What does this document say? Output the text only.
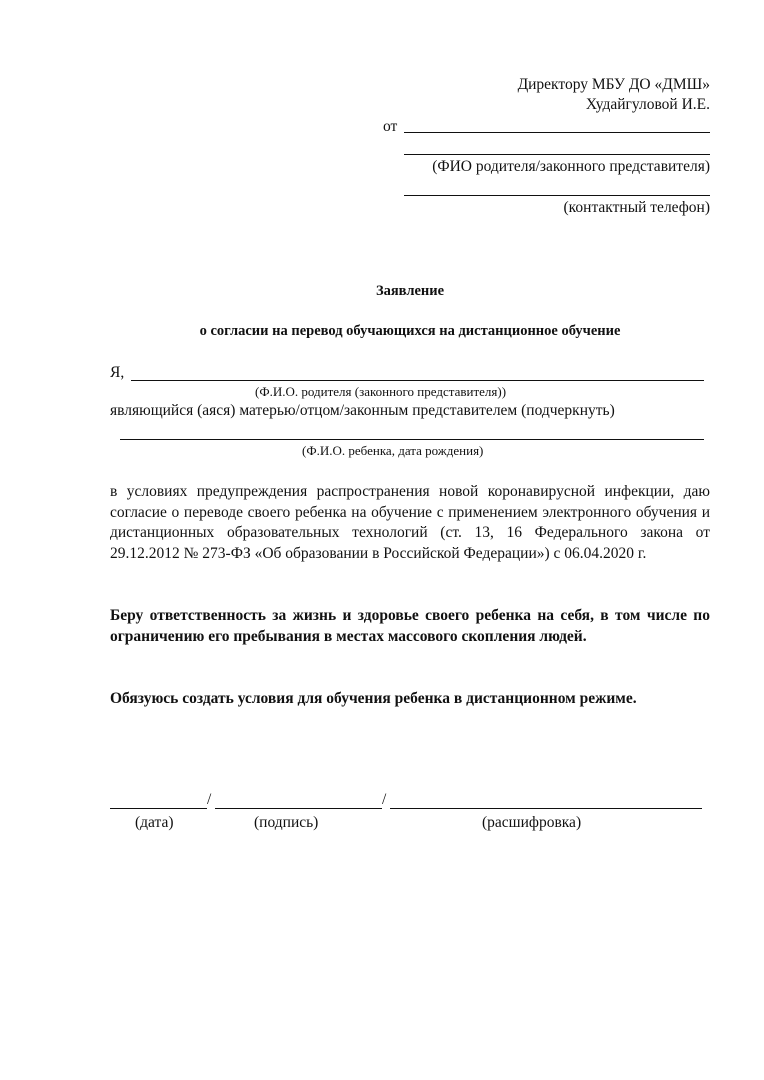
Директору МБУ ДО «ДМШ»
Худайгуловой И.Е.
от
(ФИО родителя/законного представителя)
(контактный телефон)
Заявление
о согласии на перевод обучающихся на дистанционное обучение
Я,
(Ф.И.О. родителя (законного представителя))
являющийся (аяся) матерью/отцом/законным представителем (подчеркнуть)
(Ф.И.О. ребенка, дата рождения)
в условиях предупреждения распространения новой коронавирусной инфекции, даю согласие о переводе своего ребенка на обучение с применением электронного обучения и дистанционных образовательных технологий (ст. 13, 16 Федерального закона от 29.12.2012 № 273-ФЗ «Об образовании в Российской Федерации») с 06.04.2020 г.
Беру ответственность за жизнь и здоровье своего ребенка на себя, в том числе по ограничению его пребывания в местах массового скопления людей.
Обязуюсь создать условия для обучения ребенка в дистанционном режиме.
/	/
(дата)	(подпись)	(расшифровка)
